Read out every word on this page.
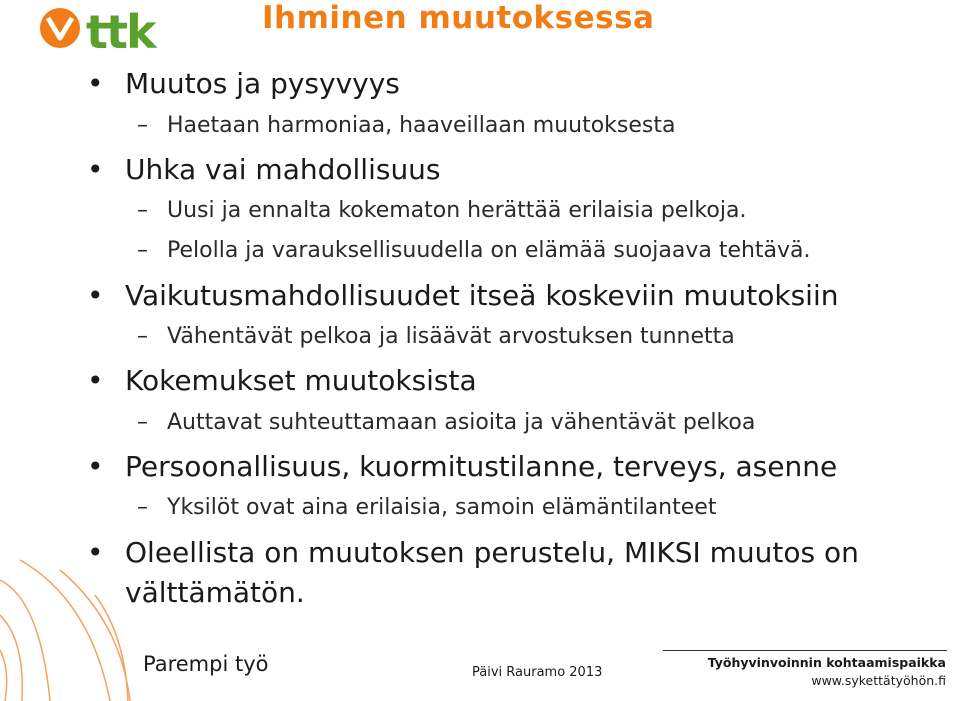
ttk	Ihminen muutoksessa
• Muutos ja pysyvyys
– Haetaan harmoniaa, haaveillaan muutoksesta
• Uhka vai mahdollisuus
– Uusi ja ennalta kokematon herättää erilaisia pelkoja.
– Pelolla ja varauksellisuudella on elämää suojaava tehtävä.
• Vaikutusmahdollisuudet itseä koskeviin muutoksiin
– Vähentävät pelkoa ja lisäävät arvostuksen tunnetta
• Kokemukset muutoksista
– Auttavat suhteuttamaan asioita ja vähentävät pelkoa
• Persoonallisuus, kuormitustilanne, terveys, asenne
– Yksilöt ovat aina erilaisia, samoin elämäntilanteet
• Oleellista on muutoksen perustelu, MIKSI muutos on välttämätön.
Parempi työ	Päivi Rauramo 2013
Työhyvinvoinnin kohtaamispaikka
www.sykettätyöhön.fi
